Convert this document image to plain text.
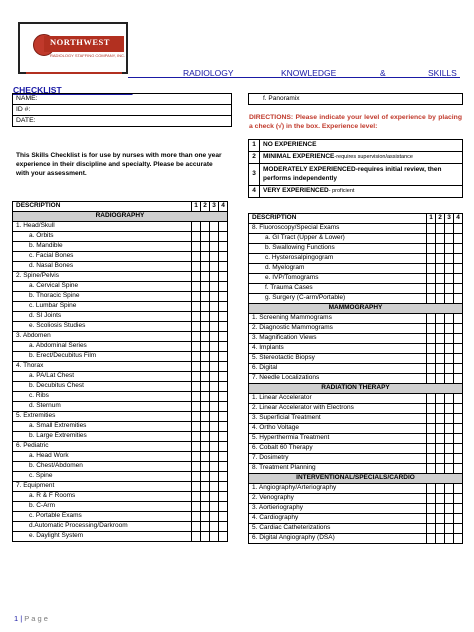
NORTHWEST
RADIOLOGY STAFFING COMPANY, INC.
RADIOLOGY	KNOWLEDGE	&	SKILLS
CHECKLIST_______________
NAME:
ID #:
DATE:
f. Panoramix
This Skills Checklist is for use by nurses with more than one year experience in their discipline and specialty. Please be accurate with your assessment.
DIRECTIONS: Please indicate your level of experience by placing a check (√) in the box. Experience level:
1	NO EXPERIENCE
2	MINIMAL EXPERIENCE-requires supervision/assistance
3	MODERATELY EXPERIENCED-requires initial review, then performs independently
4	VERY EXPERIENCED- proficient
DESCRIPTION	1	2	3	4
RADIOGRAPHY				
1. Head/Skull				
a. Orbits				
b. Mandible				
c. Facial Bones				
d. Nasal Bones				
2. Spine/Pelvis				
a. Cervical Spine				
b. Thoracic Spine				
c. Lumbar Spine				
d. SI Joints				
e. Scoliosis Studies				
3. Abdomen				
a. Abdominal Series				
b. Erect/Decubitus Film				
4. Thorax				
a. PA/Lat Chest				
b. Decubitus Chest				
c. Ribs				
d. Sternum				
5. Extremities				
a. Small Extremities				
b. Large Extremities				
6. Pediatric				
a. Head Work				
b. Chest/Abdomen				
c. Spine				
7. Equipment				
a. R & F Rooms				
b. C-Arm				
c. Portable Exams				
d.Automatic Processing/Darkroom				
e. Daylight System				
DESCRIPTION	1	2	3	4
8. Fluoroscopy/Special Exams				
a. GI Tract (Upper & Lower)				
b. Swallowing Functions				
c. Hysterosalpingogram				
d. Myelogram				
e. IVP/Tomograms				
f. Trauma Cases				
g. Surgery (C-arm/Portable)				
MAMMOGRAPHY				
1. Screening Mammograms				
2. Diagnostic Mammograms				
3. Magnification Views				
4. Implants				
5. Stereotactic Biopsy				
6. Digital				
7. Needle Localizations				
RADIATION THERAPY				
1. Linear Accelerator				
2. Linear Accelerator with Electrons				
3. Superficial Treatment				
4. Ortho Voltage				
5. Hyperthermia Treatment				
6. Cobalt 60 Therapy				
7. Dosimetry				
8. Treatment Planning				
INTERVENTIONAL/SPECIALS/CARDIO				
1. Angiography/Arteriography				
2. Venography				
3. Aortieriography				
4. Cardiography				
5. Cardiac Catheterizations				
6. Digital Angiography (DSA)				
1 | P a g e
